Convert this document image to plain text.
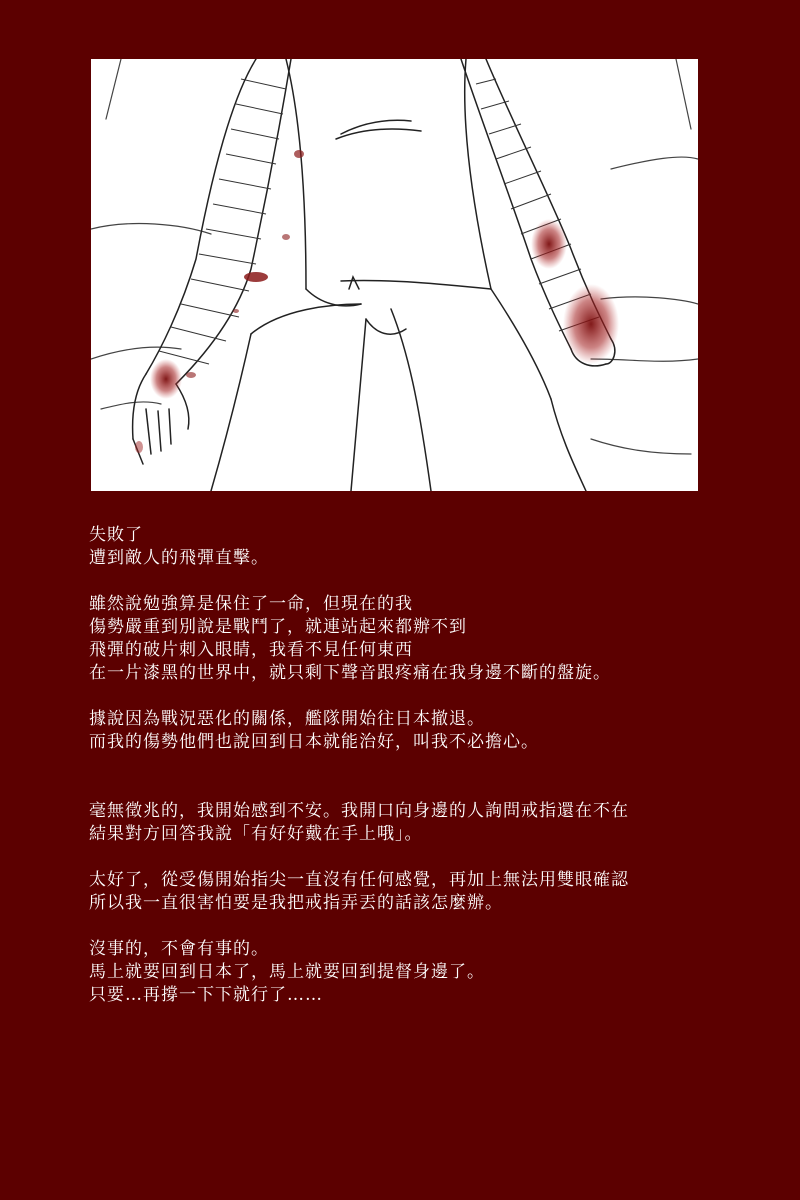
失敗了
遭到敵人的飛彈直擊。
雖然說勉強算是保住了一命，但現在的我
傷勢嚴重到別說是戰鬥了，就連站起來都辦不到
飛彈的破片刺入眼睛，我看不見任何東西
在一片漆黑的世界中，就只剩下聲音跟疼痛在我身邊不斷的盤旋。
據說因為戰況惡化的關係，艦隊開始往日本撤退。
而我的傷勢他們也說回到日本就能治好，叫我不必擔心。
毫無徵兆的，我開始感到不安。我開口向身邊的人詢問戒指還在不在
結果對方回答我說「有好好戴在手上哦」。
太好了，從受傷開始指尖一直沒有任何感覺，再加上無法用雙眼確認
所以我一直很害怕要是我把戒指弄丟的話該怎麼辦。
沒事的，不會有事的。
馬上就要回到日本了，馬上就要回到提督身邊了。
只要…再撐一下下就行了……
